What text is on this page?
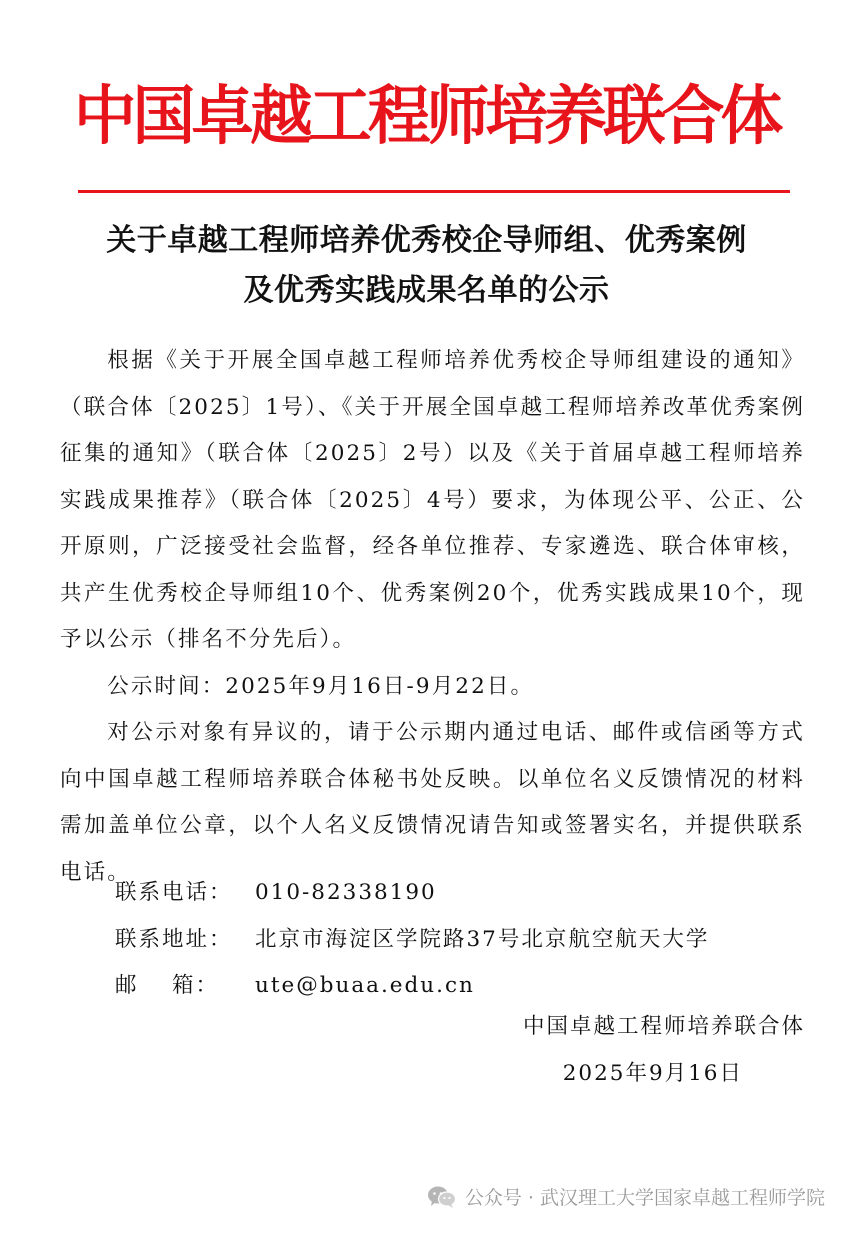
中国卓越工程师培养联合体
关于卓越工程师培养优秀校企导师组、优秀案例
及优秀实践成果名单的公示

根据《关于开展全国卓越工程师培养优秀校企导师组建设的通知》（联合体〔2025〕1号）、《关于开展全国卓越工程师培养改革优秀案例征集的通知》（联合体〔2025〕2号）以及《关于首届卓越工程师培养实践成果推荐》（联合体〔2025〕4号）要求，为体现公平、公正、公开原则，广泛接受社会监督，经各单位推荐、专家遴选、联合体审核，共产生优秀校企导师组10个、优秀案例20个，优秀实践成果10个，现予以公示（排名不分先后）。

公示时间：2025年9月16日-9月22日。

对公示对象有异议的，请于公示期内通过电话、邮件或信函等方式向中国卓越工程师培养联合体秘书处反映。以单位名义反馈情况的材料需加盖单位公章，以个人名义反馈情况请告知或签署实名，并提供联系电话。

联系电话：	010-82338190
联系地址：	北京市海淀区学院路37号北京航空航天大学
邮 箱： ute@buaa.edu.cn
中国卓越工程师培养联合体
2025年9月16日
公众号 · 武汉理工大学国家卓越工程师学院
